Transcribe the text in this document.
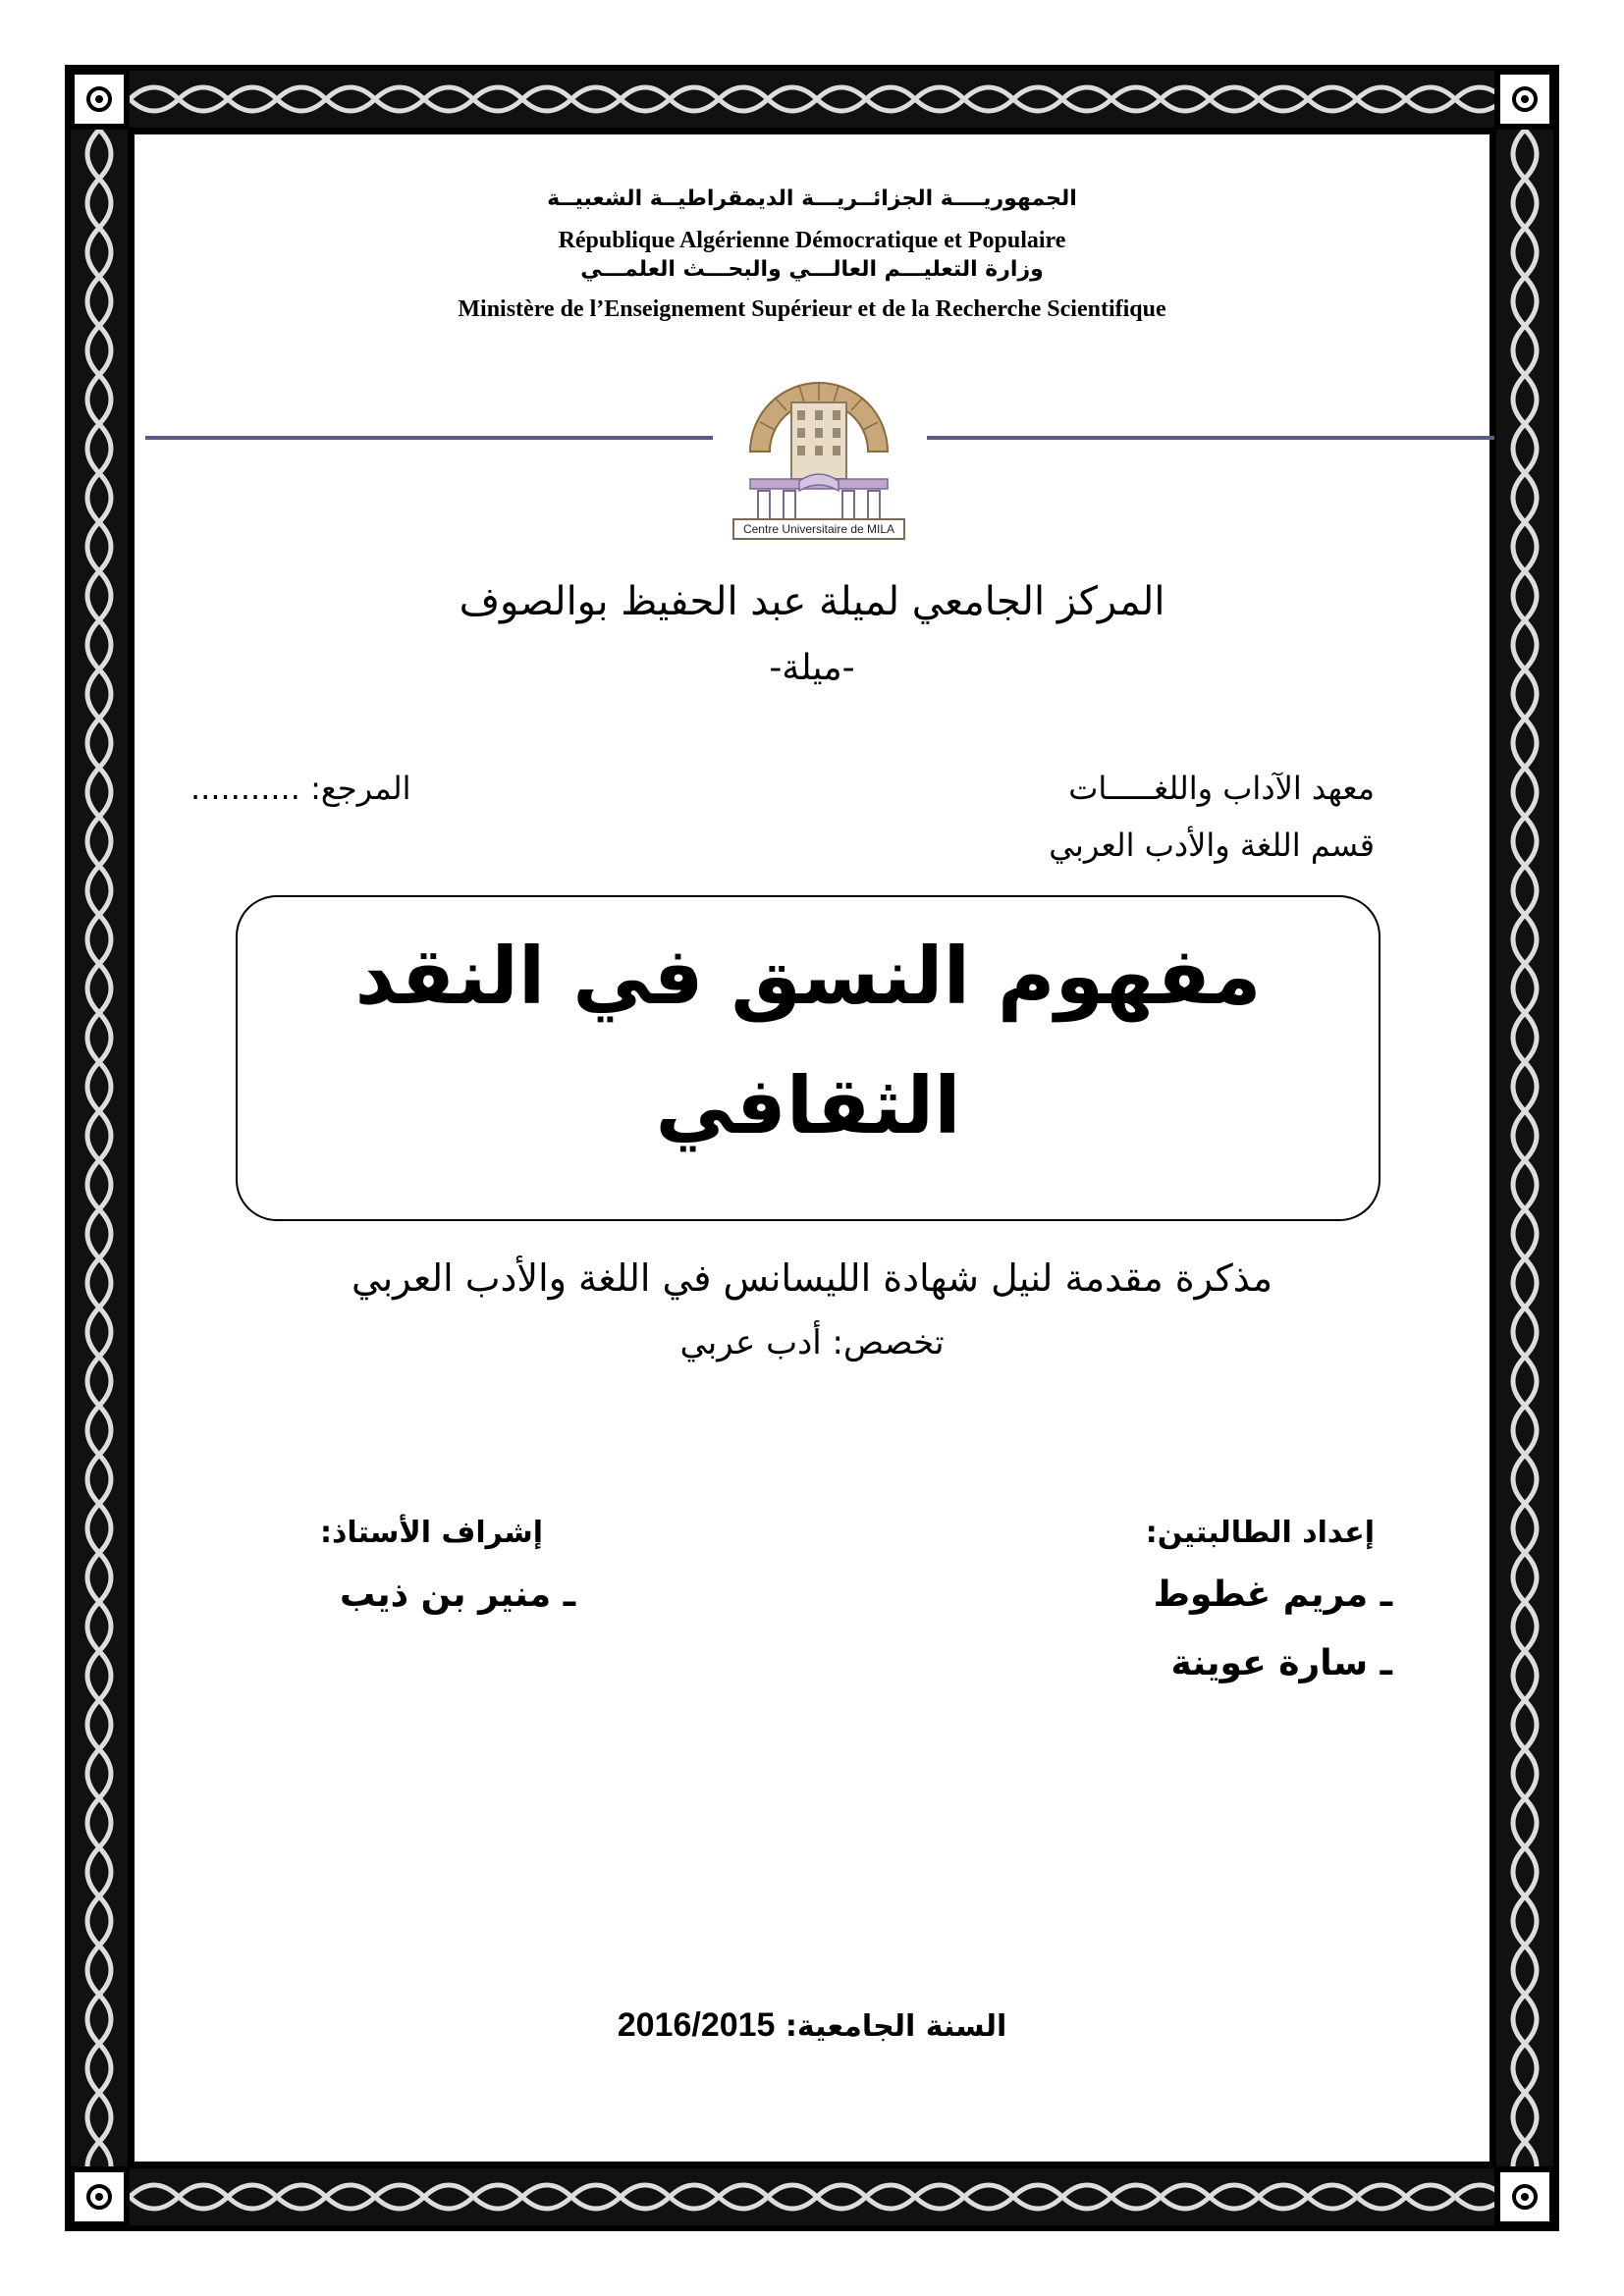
الجمهوريــــة الجزائــريـــة الديمقراطيــة الشعبيــة
République Algérienne Démocratique et Populaire
وزارة التعليـــم العالـــي والبحـــث العلمـــي
Ministère de l’Enseignement Supérieur et de la Recherche Scientifique
Centre Universitaire de MILA
المركز الجامعي لميلة عبد الحفيظ بوالصوف
-ميلة-
معهد الآداب واللغـــــات
قسم اللغة والأدب العربي
المرجع: ...........
مفهوم النسق في النقد
الثقافي
مذكرة مقدمة لنيل شهادة الليسانس في اللغة والأدب العربي
تخصص: أدب عربي
إعداد الطالبتين:
ـ مريم غطوط
ـ سارة عوينة
إشراف الأستاذ:
ـ منير بن ذيب
السنة الجامعية: 2016/2015
